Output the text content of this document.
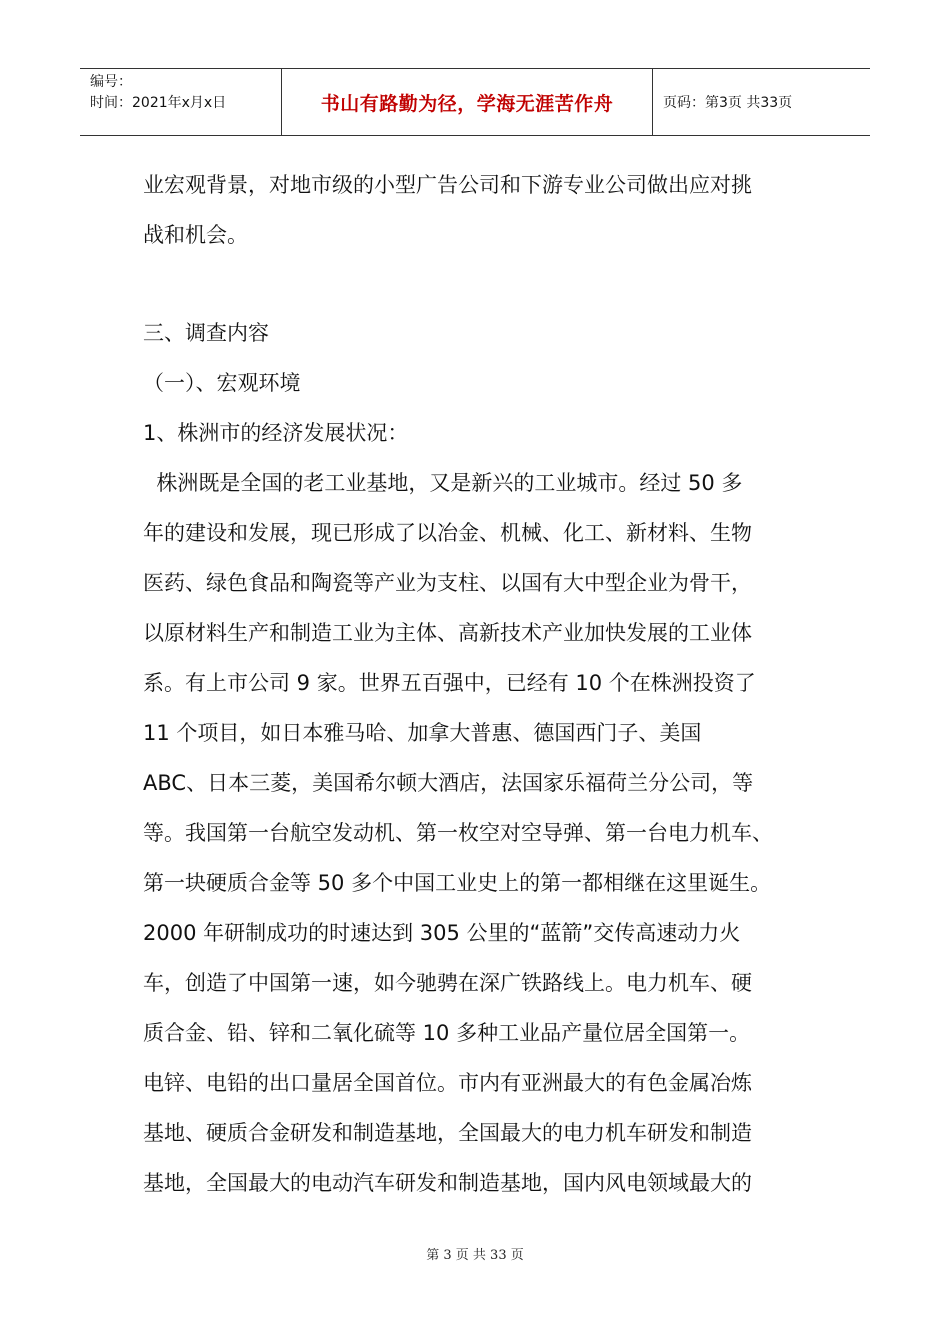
编号：
时间：2021年x月x日	书山有路勤为径，学海无涯苦作舟	页码：第3页 共33页
业宏观背景，对地市级的小型广告公司和下游专业公司做出应对挑
战和机会。
三、调查内容
（一）、宏观环境
1、株洲市的经济发展状况：
株洲既是全国的老工业基地，又是新兴的工业城市。经过 50 多
年的建设和发展，现已形成了以冶金、机械、化工、新材料、生物
医药、绿色食品和陶瓷等产业为支柱、以国有大中型企业为骨干，
以原材料生产和制造工业为主体、高新技术产业加快发展的工业体
系。有上市公司 9 家。世界五百强中，已经有 10 个在株洲投资了
11 个项目，如日本雅马哈、加拿大普惠、德国西门子、美国
ABC、日本三菱，美国希尔顿大酒店，法国家乐福荷兰分公司，等
等。我国第一台航空发动机、第一枚空对空导弹、第一台电力机车、
第一块硬质合金等 50 多个中国工业史上的第一都相继在这里诞生。
2000 年研制成功的时速达到 305 公里的“蓝箭”交传高速动力火
车，创造了中国第一速，如今驰骋在深广铁路线上。电力机车、硬
质合金、铅、锌和二氧化硫等 10 多种工业品产量位居全国第一。
电锌、电铅的出口量居全国首位。市内有亚洲最大的有色金属冶炼
基地、硬质合金研发和制造基地，全国最大的电力机车研发和制造
基地，全国最大的电动汽车研发和制造基地，国内风电领域最大的
第 3 页 共 33 页
